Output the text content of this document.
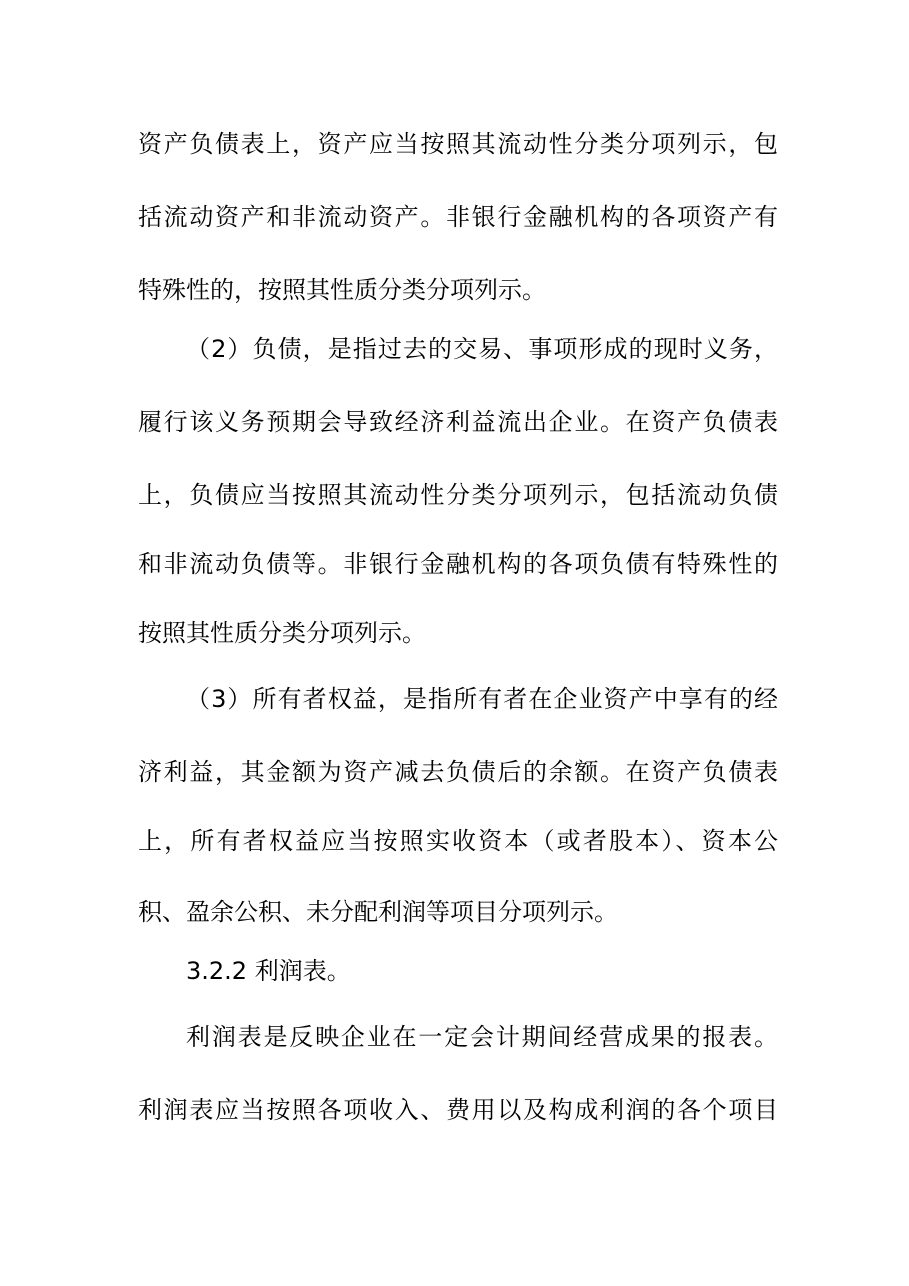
资产负债表上，资产应当按照其流动性分类分项列示，包
括流动资产和非流动资产。非银行金融机构的各项资产有
特殊性的，按照其性质分类分项列示。
（2）负债，是指过去的交易、事项形成的现时义务，
履行该义务预期会导致经济利益流出企业。在资产负债表
上，负债应当按照其流动性分类分项列示，包括流动负债
和非流动负债等。非银行金融机构的各项负债有特殊性的
按照其性质分类分项列示。
（3）所有者权益，是指所有者在企业资产中享有的经
济利益，其金额为资产减去负债后的余额。在资产负债表
上，所有者权益应当按照实收资本（或者股本）、资本公
积、盈余公积、未分配利润等项目分项列示。
3.2.2 利润表。
利润表是反映企业在一定会计期间经营成果的报表。
利润表应当按照各项收入、费用以及构成利润的各个项目
